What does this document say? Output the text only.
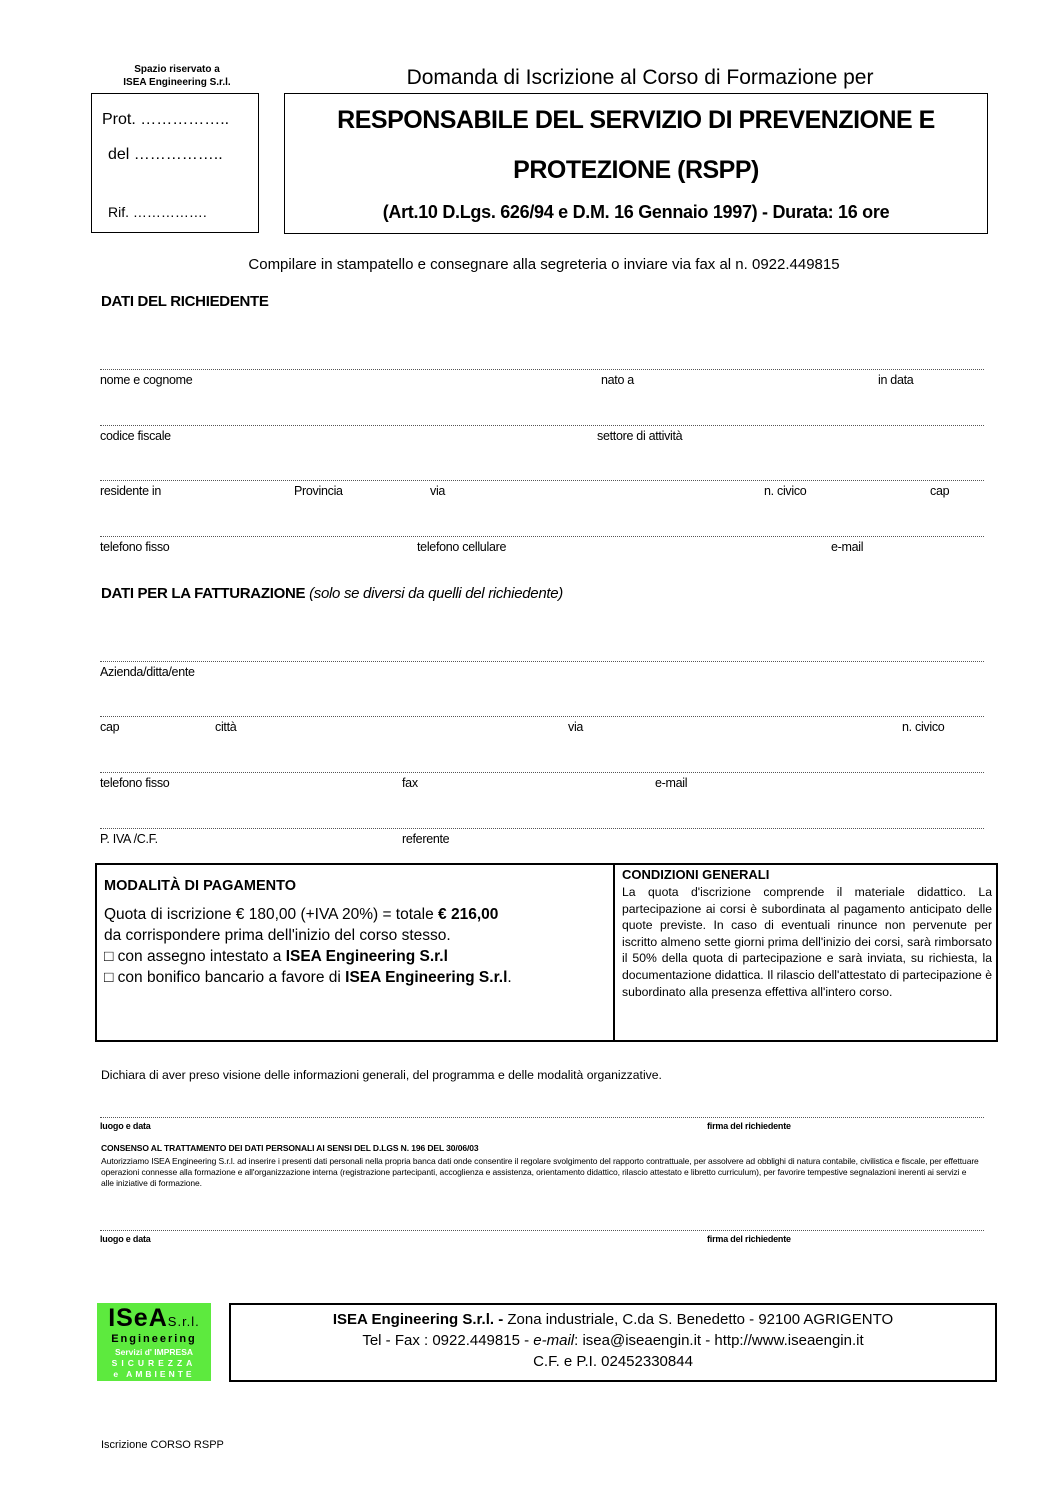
Spazio riservato a
ISEA Engineering S.r.l.
Prot. ……………..
del ……………..
Rif. …………….
Domanda di Iscrizione al Corso di Formazione per
RESPONSABILE DEL SERVIZIO DI PREVENZIONE E
PROTEZIONE (RSPP)
(Art.10 D.Lgs. 626/94 e D.M. 16 Gennaio 1997) - Durata: 16 ore
Compilare in stampatello e consegnare alla segreteria o inviare via fax al n. 0922.449815
DATI DEL RICHIEDENTE
nome e cognome	nato a	in data
codice fiscale	settore di attività
residente in	Provincia	via	n. civico	cap
telefono fisso	telefono cellulare	e-mail
DATI PER LA FATTURAZIONE (solo se diversi da quelli del richiedente)
Azienda/ditta/ente
cap	città	via	n. civico
telefono fisso	fax	e-mail
P. IVA /C.F.	referente
MODALITÀ DI PAGAMENTO
Quota di iscrizione € 180,00 (+IVA 20%) = totale € 216,00
da corrispondere prima dell'inizio del corso stesso.
□ con assegno intestato a ISEA Engineering S.r.l
□ con bonifico bancario a favore di ISEA Engineering S.r.l.
CONDIZIONI GENERALI
La quota d'iscrizione comprende il materiale didattico. La partecipazione ai corsi è subordinata al pagamento anticipato delle quote previste. In caso di eventuali rinunce non pervenute per iscritto almeno sette giorni prima dell'inizio dei corsi, sarà rimborsato il 50% della quota di partecipazione e sarà inviata, su richiesta, la documentazione didattica. Il rilascio dell'attestato di partecipazione è subordinato alla presenza effettiva all'intero corso.
Dichiara di aver preso visione delle informazioni generali, del programma e delle modalità organizzative.
luogo e data	firma del richiedente
CONSENSO AL TRATTAMENTO DEI DATI PERSONALI AI SENSI DEL D.LGS N. 196 DEL 30/06/03
Autorizziamo ISEA Engineering S.r.l. ad inserire i presenti dati personali nella propria banca dati onde consentire il regolare svolgimento del rapporto contrattuale, per assolvere ad obblighi di natura contabile, civilistica e fiscale, per effettuare operazioni connesse alla formazione e all'organizzazione interna (registrazione partecipanti, accoglienza e assistenza, orientamento didattico, rilascio attestato e libretto curriculum), per favorire tempestive segnalazioni inerenti ai servizi e alle iniziative di formazione.
luogo e data	firma del richiedente
ISeAS.r.l.
Engineering
Servizi d' IMPRESA
SICUREZZA
e AMBIENTE
ISEA Engineering S.r.l. - Zona industriale, C.da S. Benedetto - 92100 AGRIGENTO
Tel - Fax : 0922.449815 - e-mail: isea@iseaengin.it - http://www.iseaengin.it
C.F. e P.I. 02452330844
Iscrizione CORSO RSPP
